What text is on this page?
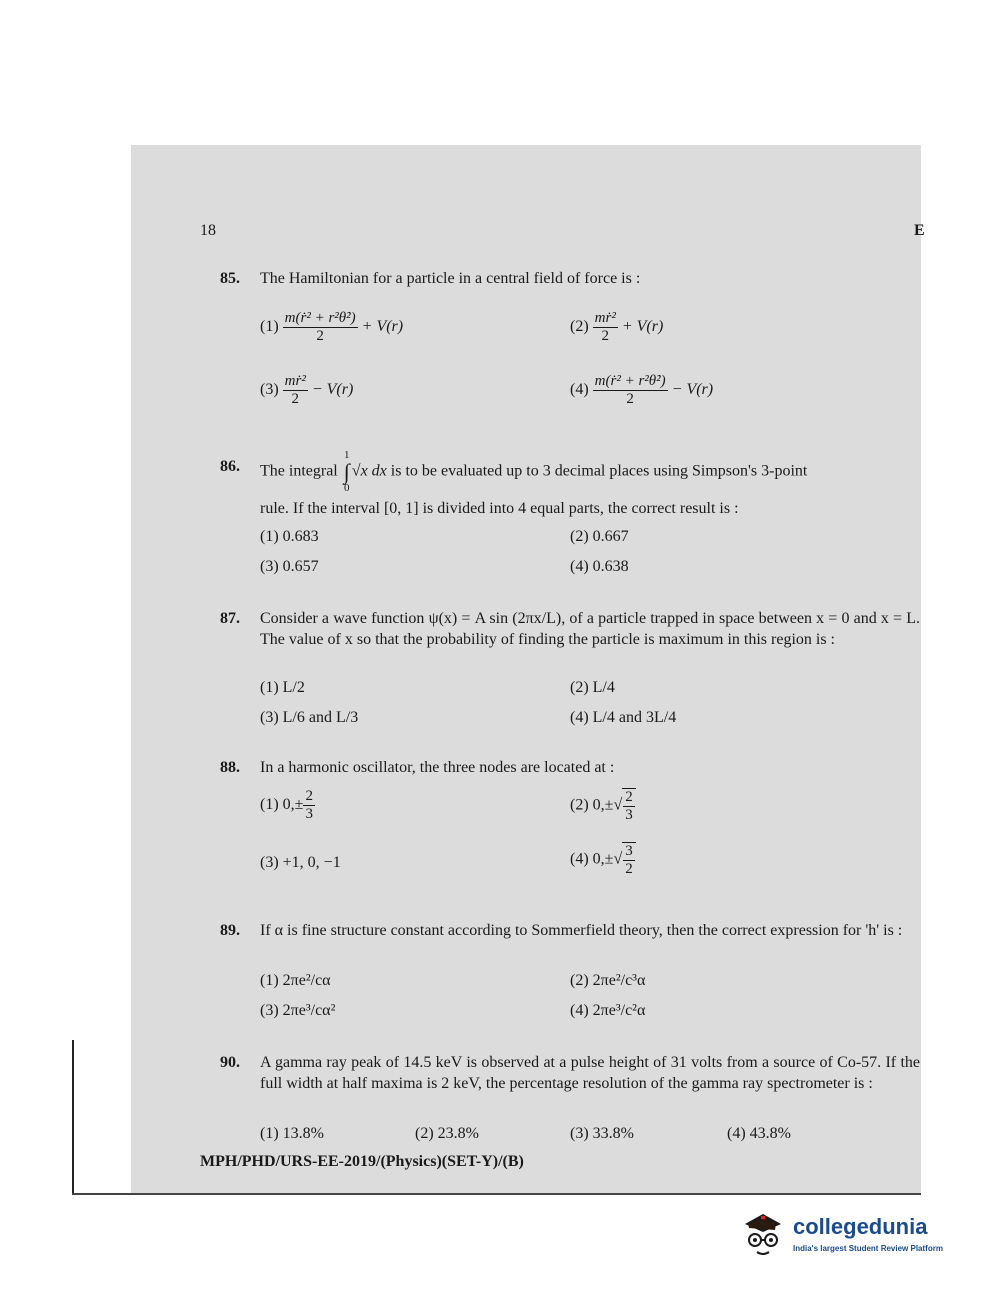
18	E
85. The Hamiltonian for a particle in a central field of force is :
$(1) \frac{\text{m(ṙ² + r²θ̇²)}}{2} + V(r)$	$(2) \frac{\text{mṙ²}}{2} + V(r)$
$(3) \frac{\text{mṙ²}}{2} - V(r)$	$(4) \frac{\text{m(ṙ² + r²θ̇²)}}{2} - V(r)$
86. The integral
1
∫
0
√x dx is to be evaluated up to 3 decimal places using Simpson's 3-point
rule. If the interval [0, 1] is divided into 4 equal parts, the correct result is :
(1) 0.683	(2) 0.667
(3) 0.657	(4) 0.638
87. Consider a wave function ψ(x) = A sin (2πx/L), of a particle trapped in space between x = 0 and x = L. The value of x so that the probability of finding the particle is maximum in this region is :
(1) L/2	(2) L/4
(3) L/6 and L/3	(4) L/4 and 3L/4
88. In a harmonic oscillator, the three nodes are located at :
(1) $0,\pm \frac{2}{3}$	(2) $0,\pm√ \frac{2}{3}$
(3) +1, 0, −1	(4) $0,\pm√ \frac{3}{2}$
89. If α is fine structure constant according to Sommerfield theory, then the correct expression for 'h' is :
(1) 2πe²/cα	(2) 2πe²/c³α
(3) 2πe³/cα²	(4) 2πe³/c²α
90. A gamma ray peak of 14.5 keV is observed at a pulse height of 31 volts from a source of Co-57. If the full width at half maxima is 2 keV, the percentage resolution of the gamma ray spectrometer is :
(1) 13.8%	(2) 23.8%	(3) 33.8%	(4) 43.8%
MPH/PHD/URS-EE-2019/(Physics)(SET-Y)/(B)
collegedunia
India's largest Student Review Platform
